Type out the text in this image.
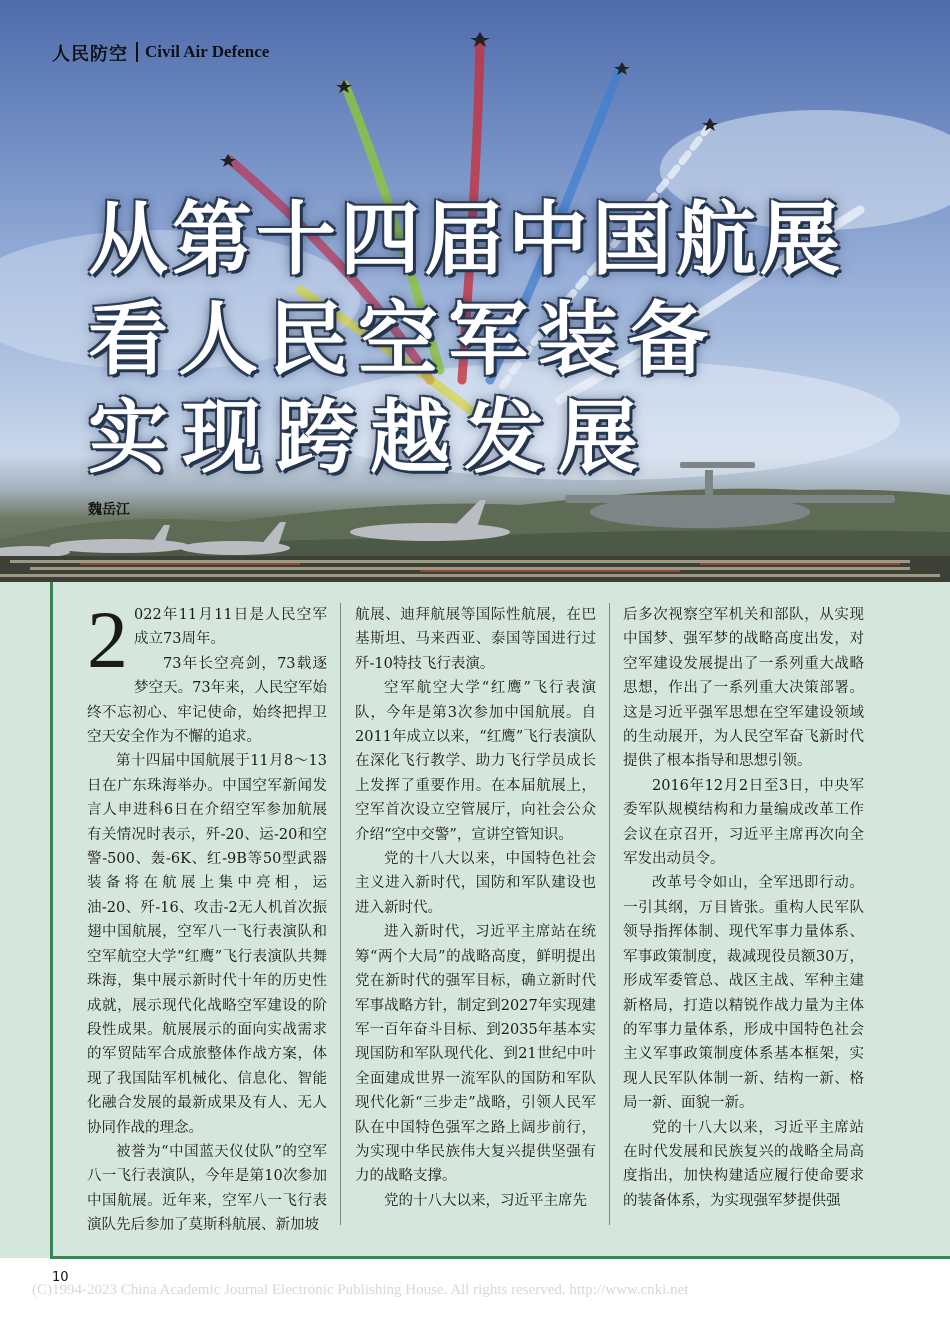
人民防空 Civil Air Defence
从第十四届中国航展
看人民空军装备
实现跨越发展
魏岳江

2 022年11月11日是人民空军成立73周年。

73年长空亮剑，73载逐梦空天。73年来，人民空军始终不忘初心、牢记使命，始终把捍卫空天安全作为不懈的追求。

第十四届中国航展于11月8～13日在广东珠海举办。中国空军新闻发言人申进科6日在介绍空军参加航展有关情况时表示，歼-20、运-20和空警-500、轰-6K、红-9B等50型武器装备将在航展上集中亮相，运油-20、歼-16、攻击-2无人机首次振翅中国航展，空军八一飞行表演队和空军航空大学“红鹰”飞行表演队共舞珠海，集中展示新时代十年的历史性成就，展示现代化战略空军建设的阶段性成果。航展展示的面向实战需求的军贸陆军合成旅整体作战方案，体现了我国陆军机械化、信息化、智能化融合发展的最新成果及有人、无人协同作战的理念。

被誉为“中国蓝天仪仗队”的空军八一飞行表演队，今年是第10次参加中国航展。近年来，空军八一飞行表演队先后参加了莫斯科航展、新加坡

航展、迪拜航展等国际性航展，在巴基斯坦、马来西亚、泰国等国进行过歼-10特技飞行表演。

空军航空大学“红鹰”飞行表演队，今年是第3次参加中国航展。自2011年成立以来，“红鹰”飞行表演队在深化飞行教学、助力飞行学员成长上发挥了重要作用。在本届航展上，空军首次设立空管展厅，向社会公众介绍“空中交警”，宣讲空管知识。

党的十八大以来，中国特色社会主义进入新时代，国防和军队建设也进入新时代。

进入新时代，习近平主席站在统筹“两个大局”的战略高度，鲜明提出党在新时代的强军目标，确立新时代军事战略方针，制定到2027年实现建军一百年奋斗目标、到2035年基本实现国防和军队现代化、到21世纪中叶全面建成世界一流军队的国防和军队现代化新“三步走”战略，引领人民军队在中国特色强军之路上阔步前行，为实现中华民族伟大复兴提供坚强有力的战略支撑。

党的十八大以来，习近平主席先

后多次视察空军机关和部队，从实现中国梦、强军梦的战略高度出发，对空军建设发展提出了一系列重大战略思想，作出了一系列重大决策部署。这是习近平强军思想在空军建设领域的生动展开，为人民空军奋飞新时代提供了根本指导和思想引领。

2016年12月2日至3日，中央军委军队规模结构和力量编成改革工作会议在京召开，习近平主席再次向全军发出动员令。

改革号令如山，全军迅即行动。一引其纲，万目皆张。重构人民军队领导指挥体制、现代军事力量体系、军事政策制度，裁减现役员额30万，形成军委管总、战区主战、军种主建新格局，打造以精锐作战力量为主体的军事力量体系，形成中国特色社会主义军事政策制度体系基本框架，实现人民军队体制一新、结构一新、格局一新、面貌一新。

党的十八大以来，习近平主席站在时代发展和民族复兴的战略全局高度指出，加快构建适应履行使命要求的装备体系，为实现强军梦提供强

10
(C)1994-2023 China Academic Journal Electronic Publishing House. All rights reserved. http://www.cnki.net
